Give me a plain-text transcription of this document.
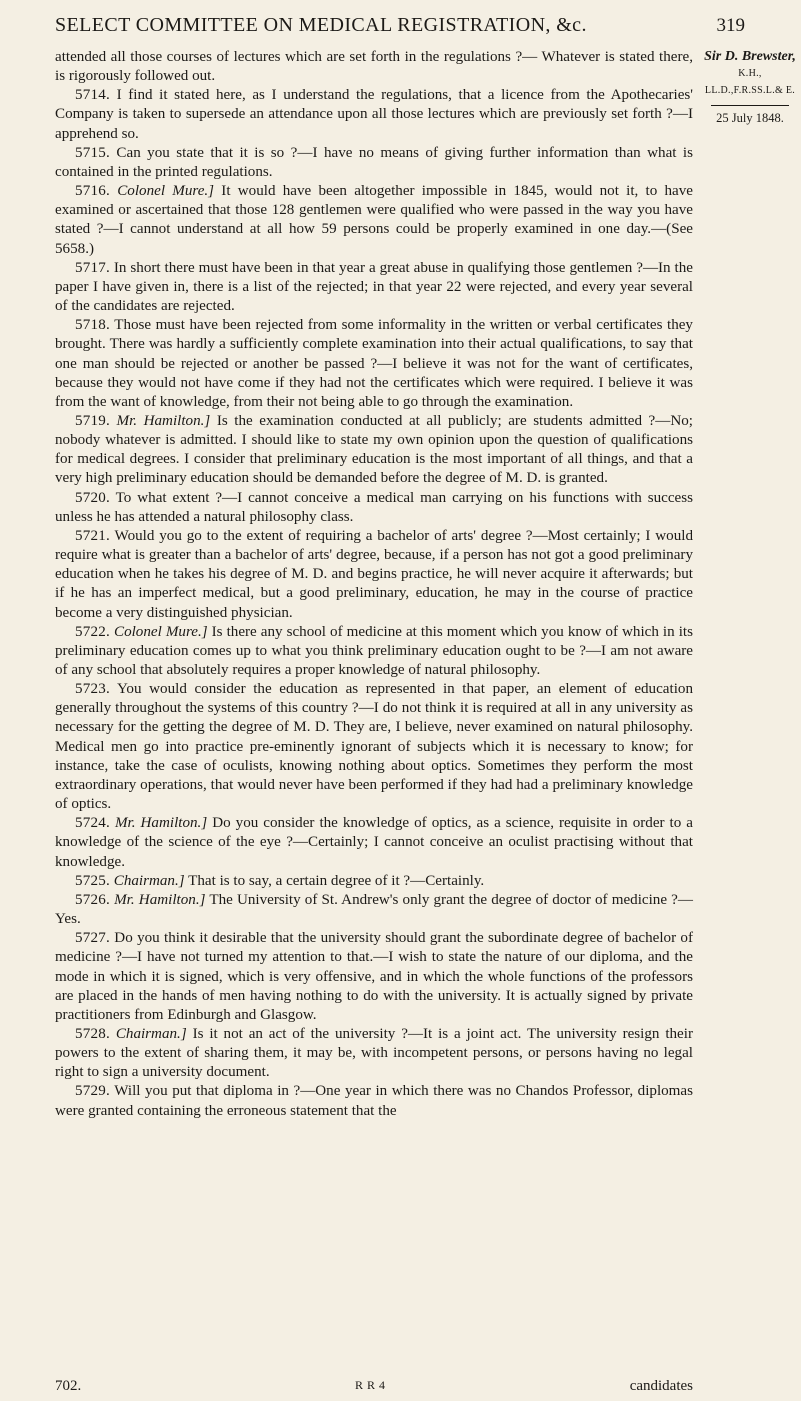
SELECT COMMITTEE ON MEDICAL REGISTRATION, &c.	319

attended all those courses of lectures which are set forth in the regulations ?— Whatever is stated there, is rigorously followed out.

5714. I find it stated here, as I understand the regulations, that a licence from the Apothecaries' Company is taken to supersede an attendance upon all those lectures which are previously set forth ?—I apprehend so.

5715. Can you state that it is so ?—I have no means of giving further information than what is contained in the printed regulations.

5716. Colonel Mure.] It would have been altogether impossible in 1845, would not it, to have examined or ascertained that those 128 gentlemen were qualified who were passed in the way you have stated ?—I cannot understand at all how 59 persons could be properly examined in one day.—(See 5658.)

5717. In short there must have been in that year a great abuse in qualifying those gentlemen ?—In the paper I have given in, there is a list of the rejected; in that year 22 were rejected, and every year several of the candidates are rejected.

5718. Those must have been rejected from some informality in the written or verbal certificates they brought. There was hardly a sufficiently complete examination into their actual qualifications, to say that one man should be rejected or another be passed ?—I believe it was not for the want of certificates, because they would not have come if they had not the certificates which were required. I believe it was from the want of knowledge, from their not being able to go through the examination.

5719. Mr. Hamilton.] Is the examination conducted at all publicly; are students admitted ?—No; nobody whatever is admitted. I should like to state my own opinion upon the question of qualifications for medical degrees. I consider that preliminary education is the most important of all things, and that a very high preliminary education should be demanded before the degree of M. D. is granted.

5720. To what extent ?—I cannot conceive a medical man carrying on his functions with success unless he has attended a natural philosophy class.

5721. Would you go to the extent of requiring a bachelor of arts' degree ?—Most certainly; I would require what is greater than a bachelor of arts' degree, because, if a person has not got a good preliminary education when he takes his degree of M. D. and begins practice, he will never acquire it afterwards; but if he has an imperfect medical, but a good preliminary, education, he may in the course of practice become a very distinguished physician.

5722. Colonel Mure.] Is there any school of medicine at this moment which you know of which in its preliminary education comes up to what you think preliminary education ought to be ?—I am not aware of any school that absolutely requires a proper knowledge of natural philosophy.

5723. You would consider the education as represented in that paper, an element of education generally throughout the systems of this country ?—I do not think it is required at all in any university as necessary for the getting the degree of M. D. They are, I believe, never examined on natural philosophy. Medical men go into practice pre-eminently ignorant of subjects which it is necessary to know; for instance, take the case of oculists, knowing nothing about optics. Sometimes they perform the most extraordinary operations, that would never have been performed if they had had a preliminary knowledge of optics.

5724. Mr. Hamilton.] Do you consider the knowledge of optics, as a science, requisite in order to a knowledge of the science of the eye ?—Certainly; I cannot conceive an oculist practising without that knowledge.

5725. Chairman.] That is to say, a certain degree of it ?—Certainly.

5726. Mr. Hamilton.] The University of St. Andrew's only grant the degree of doctor of medicine ?—Yes.

5727. Do you think it desirable that the university should grant the subordinate degree of bachelor of medicine ?—I have not turned my attention to that.—I wish to state the nature of our diploma, and the mode in which it is signed, which is very offensive, and in which the whole functions of the professors are placed in the hands of men having nothing to do with the university. It is actually signed by private practitioners from Edinburgh and Glasgow.

5728. Chairman.] Is it not an act of the university ?—It is a joint act. The university resign their powers to the extent of sharing them, it may be, with incompetent persons, or persons having no legal right to sign a university document.

5729. Will you put that diploma in ?—One year in which there was no Chandos Professor, diplomas were granted containing the erroneous statement that the

Sir D. Brewster,
K.H.,
LL.D.,F.R.SS.L.& E.
25 July 1848.
702.	R R 4	candidates
